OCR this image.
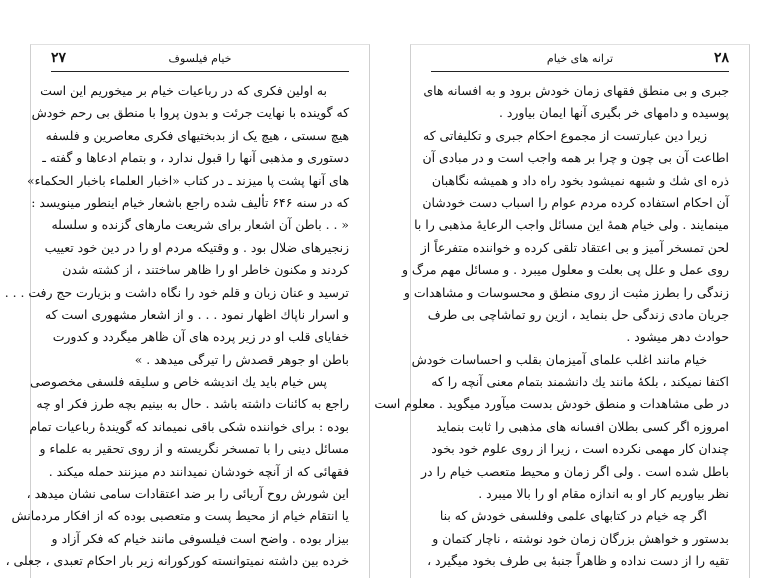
۲۷	خیام فیلسوف
به اولین فکری که در رباعیات خیام بر میخوریم این است
که گوینده با نهایت جرئت و بدون پروا با منطق بی رحم خودش
هیچ سستی ، هیچ یک از بدبختیهای فکری معاصرین و فلسفه
دستوری و مذهبی آنها را قبول ندارد ، و بتمام ادعاها و گفته ـ
های آنها پشت پا میزند ـ در کتاب «اخبار العلماء باخبار الحکماء»
که در سنه ۶۴۶ تألیف شده راجع باشعار خیام اینطور مینویسد :
« . . باطن آن اشعار برای شریعت مارهای گزنده و سلسله
زنجیرهای ضلال بود . و وقتیکه مردم او را در دین خود تعییب
کردند و مکنون خاطر او را ظاهر ساختند ، از کشته شدن
ترسید و عنان زبان و قلم خود را نگاه داشت و بزیارت حج رفت . . .
و اسرار ناپاك اظهار نمود . . . و از اشعار مشهوری است که
خفایای قلب او در زیر پرده های آن ظاهر میگردد و کدورت
باطن او جوهر قصدش را تیرگی میدهد . »
پس خیام باید یك اندیشه خاص و سلیقه فلسفی مخصوصی
راجع به کائنات داشته باشد . حال به بینیم بچه طرز فکر او چه
بوده : برای خواننده شکی باقی نمیماند که گویندهٔ رباعیات تمام
مسائل دینی را با تمسخر نگریسته و از روی تحقیر به علماء و
فقهائی که از آنچه خودشان نمیدانند دم میزنند حمله میکند .
این شورش روح آریائی را بر ضد اعتقادات سامی نشان میدهد ،
یا انتقام خیام از محیط پست و متعصبی بوده که از افکار مردمانش
بیزار بوده . واضح است فیلسوفی مانند خیام که فکر آزاد و
خرده بین داشته نمیتوانسته کورکورانه زیر بار احکام تعبدی ، جعلی ،
۲۸
ترانه های خیام
جبری و بی منطق فقهای زمان خودش برود و به افسانه های
پوسیده و دامهای خر بگیری آنها ایمان بیاورد .
زیرا دین عبارتست از مجموع احکام جبری و تکلیفاتی که
اطاعت آن بی چون و چرا بر همه واجب است و در مبادی آن
ذره ای شك و شبهه نمیشود بخود راه داد و همیشه نگاهبان
آن احکام استفاده کرده مردم عوام را اسباب دست خودشان
مینمایند . ولی خیام همهٔ این مسائل واجب الرعایهٔ مذهبی را با
لحن تمسخر آمیز و بی اعتقاد تلقی کرده و خواننده متفرعاً از
روی عمل و علل پی بعلت و معلول میبرد . و مسائل مهم مرگ و
زندگی را بطرز مثبت از روی منطق و محسوسات و مشاهدات و
جریان مادی زندگی حل بنماید ، ازین رو تماشاچی بی طرف
حوادث دهر میشود .
خیام مانند اغلب علمای آمیزمان بقلب و احساسات خودش
اکتفا نمیکند ، بلکهٔ مانند یك دانشمند بتمام معنی آنچه را که
در طی مشاهدات و منطق خودش بدست میآورد میگوید . معلوم است
امروزه اگر کسی بطلان افسانه های مذهبی را ثابت بنماید
چندان کار مهمی نکرده است ، زیرا از روی علوم خود بخود
باطل شده است . ولی اگر زمان و محیط متعصب خیام را در
نظر بیاوریم کار او به اندازه مقام او را بالا میبرد .
اگر چه خیام در کتابهای علمی وفلسفی خودش که بنا
بدستور و خواهش بزرگان زمان خود نوشته ، ناچار کتمان و
تقیه را از دست نداده و ظاهراً جنبهٔ بی طرف بخود میگیرد ،
